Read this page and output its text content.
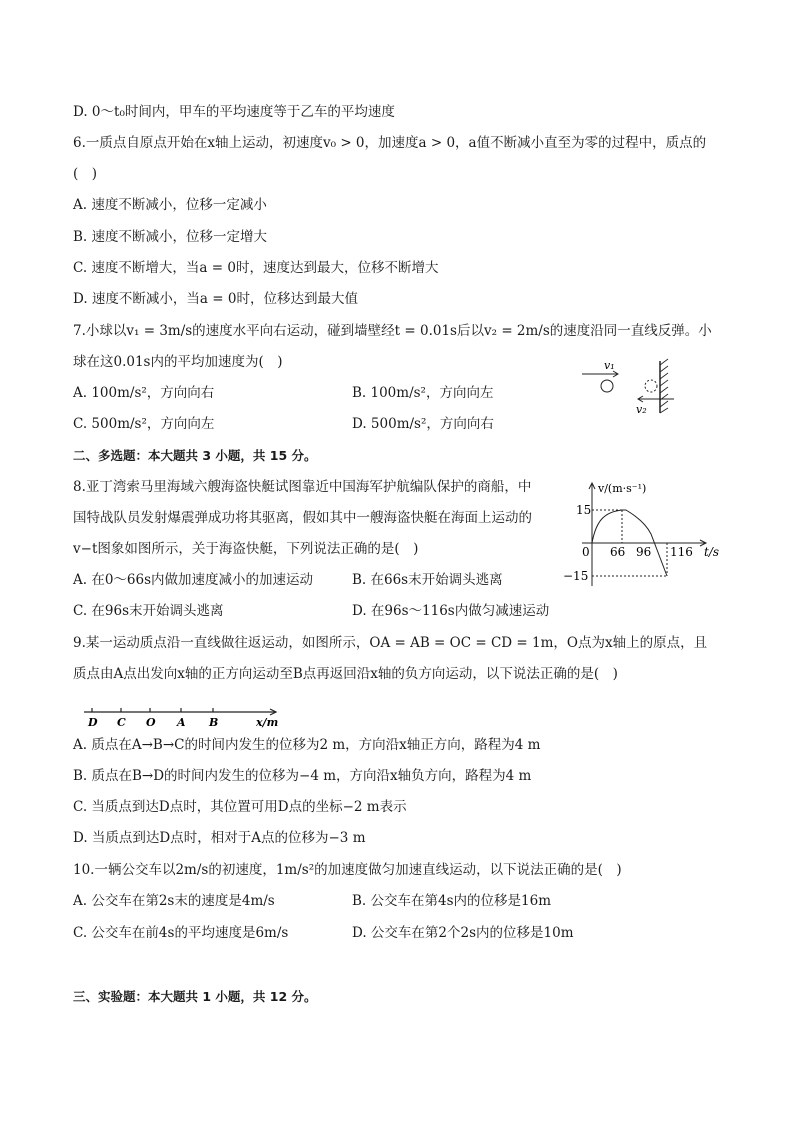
D. 0～t₀时间内，甲车的平均速度等于乙车的平均速度
6.一质点自原点开始在x轴上运动，初速度v₀ > 0，加速度a > 0，a值不断减小直至为零的过程中，质点的
(　)
A. 速度不断减小，位移一定减小
B. 速度不断减小，位移一定增大
C. 速度不断增大，当a = 0时，速度达到最大，位移不断增大
D. 速度不断减小，当a = 0时，位移达到最大值
7.小球以v₁ = 3m/s的速度水平向右运动，碰到墙壁经t = 0.01s后以v₂ = 2m/s的速度沿同一直线反弹。小
球在这0.01s内的平均加速度为(　)
A. 100m/s²，方向向右	B. 100m/s²，方向向左
C. 500m/s²，方向向左	D. 500m/s²，方向向右
v₁
v₂
二、多选题：本大题共 3 小题，共 15 分。
8.亚丁湾索马里海域六艘海盗快艇试图靠近中国海军护航编队保护的商船，中
国特战队员发射爆震弹成功将其驱离，假如其中一艘海盗快艇在海面上运动的
v−t图象如图所示，关于海盗快艇，下列说法正确的是(　)
A. 在0～66s内做加速度减小的加速运动	B. 在66s末开始调头逃离
C. 在96s末开始调头逃离	D. 在96s～116s内做匀减速运动
v/(m·s⁻¹)
t/s
15
−15
0 66 96 116
9.某一运动质点沿一直线做往返运动，如图所示，OA = AB = OC = CD = 1m，O点为x轴上的原点，且
质点由A点出发向x轴的正方向运动至B点再返回沿x轴的负方向运动，以下说法正确的是(　)
D C O A B	x/m
A. 质点在A→B→C的时间内发生的位移为2 m，方向沿x轴正方向，路程为4 m
B. 质点在B→D的时间内发生的位移为−4 m，方向沿x轴负方向，路程为4 m
C. 当质点到达D点时，其位置可用D点的坐标−2 m表示
D. 当质点到达D点时，相对于A点的位移为−3 m
10.一辆公交车以2m/s的初速度，1m/s²的加速度做匀加速直线运动，以下说法正确的是(　)
A. 公交车在第2s末的速度是4m/s	B. 公交车在第4s内的位移是16m
C. 公交车在前4s的平均速度是6m/s	D. 公交车在第2个2s内的位移是10m
三、实验题：本大题共 1 小题，共 12 分。
